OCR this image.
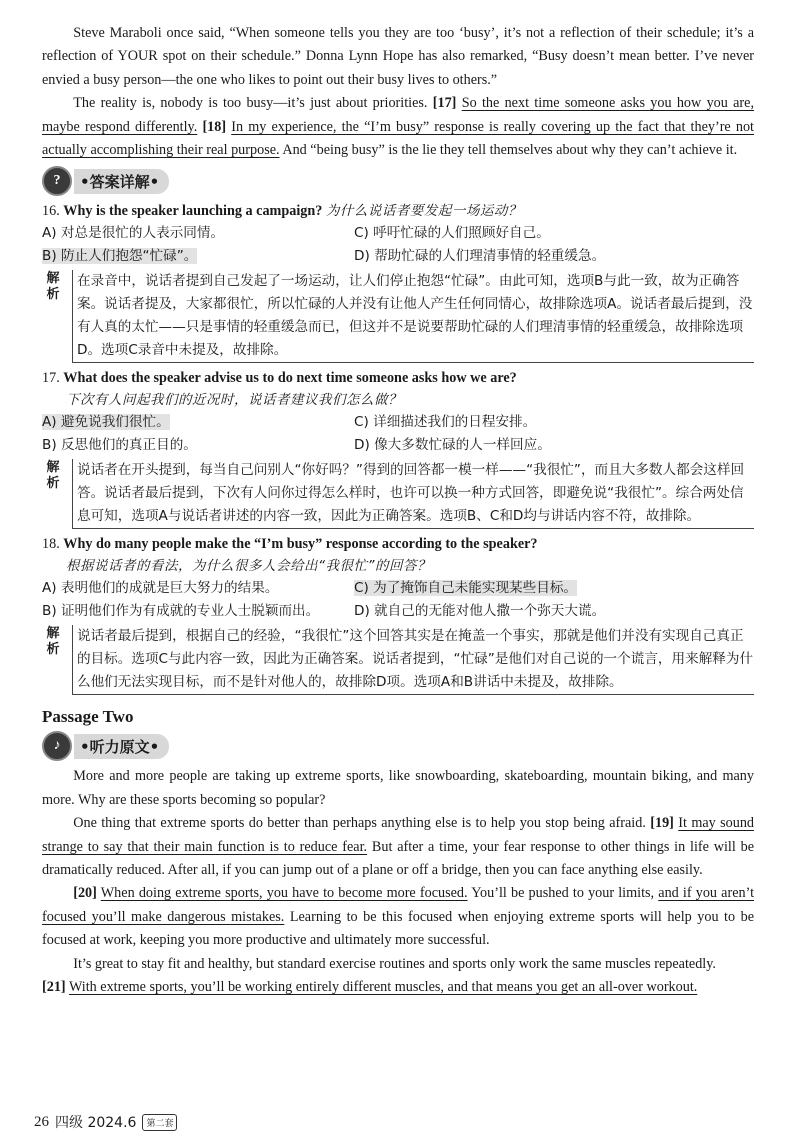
Steve Maraboli once said, “When someone tells you they are too ‘busy’, it’s not a reflection of their schedule; it’s a reflection of YOUR spot on their schedule.” Donna Lynn Hope has also remarked, “Busy doesn’t mean better. I’ve never envied a busy person—the one who likes to point out their busy lives to others.”

The reality is, nobody is too busy—it’s just about priorities. [17] So the next time someone asks you how you are, maybe respond differently. [18] In my experience, the “I’m busy” response is really covering up the fact that they’re not actually accomplishing their real purpose. And “being busy” is the lie they tell themselves about why they can’t achieve it.

?	•答案详解•
16. Why is the speaker launching a campaign? 为什么说话者要发起一场运动？
A) 对总是很忙的人表示同情。	C) 呼吁忙碌的人们照顾好自己。
B) 防止人们抱怨“忙碌”。	D) 帮助忙碌的人们理清事情的轻重缓急。
解析
在录音中，说话者提到自己发起了一场运动，让人们停止抱怨“忙碌”。由此可知，选项B与此一致，故为正确答案。说话者提及，大家都很忙，所以忙碌的人并没有让他人产生任何同情心，故排除选项A。说话者最后提到，没有人真的太忙——只是事情的轻重缓急而已，但这并不是说要帮助忙碌的人们理清事情的轻重缓急，故排除选项D。选项C录音中未提及，故排除。
17. What does the speaker advise us to do next time someone asks how we are?
下次有人问起我们的近况时，说话者建议我们怎么做？
A) 避免说我们很忙。	C) 详细描述我们的日程安排。
B) 反思他们的真正目的。	D) 像大多数忙碌的人一样回应。
解析
说话者在开头提到，每当自己问别人“你好吗？”得到的回答都一模一样——“我很忙”，而且大多数人都会这样回答。说话者最后提到，下次有人问你过得怎么样时，也许可以换一种方式回答，即避免说“我很忙”。综合两处信息可知，选项A与说话者讲述的内容一致，因此为正确答案。选项B、C和D均与讲话内容不符，故排除。
18. Why do many people make the “I’m busy” response according to the speaker?
根据说话者的看法，为什么很多人会给出“我很忙”的回答？
A) 表明他们的成就是巨大努力的结果。	C) 为了掩饰自己未能实现某些目标。
B) 证明他们作为有成就的专业人士脱颖而出。	D) 就自己的无能对他人撒一个弥天大谎。
解析
说话者最后提到，根据自己的经验，“我很忙”这个回答其实是在掩盖一个事实，那就是他们并没有实现自己真正的目标。选项C与此内容一致，因此为正确答案。说话者提到，“忙碌”是他们对自己说的一个谎言，用来解释为什么他们无法实现目标，而不是针对他人的，故排除D项。选项A和B讲话中未提及，故排除。
Passage Two
♪	•听力原文•

More and more people are taking up extreme sports, like snowboarding, skateboarding, mountain biking, and many more. Why are these sports becoming so popular?

One thing that extreme sports do better than perhaps anything else is to help you stop being afraid. [19] It may sound strange to say that their main function is to reduce fear. But after a time, your fear response to other things in life will be dramatically reduced. After all, if you can jump out of a plane or off a bridge, then you can face anything else easily.

[20] When doing extreme sports, you have to become more focused. You’ll be pushed to your limits, and if you aren’t focused you’ll make dangerous mistakes. Learning to be this focused when enjoying extreme sports will help you to be focused at work, keeping you more productive and ultimately more successful.

It’s great to stay fit and healthy, but standard exercise routines and sports only work the same muscles repeatedly.

[21] With extreme sports, you’ll be working entirely different muscles, and that means you get an all-over workout.

26 四级 2024.6	第二套
